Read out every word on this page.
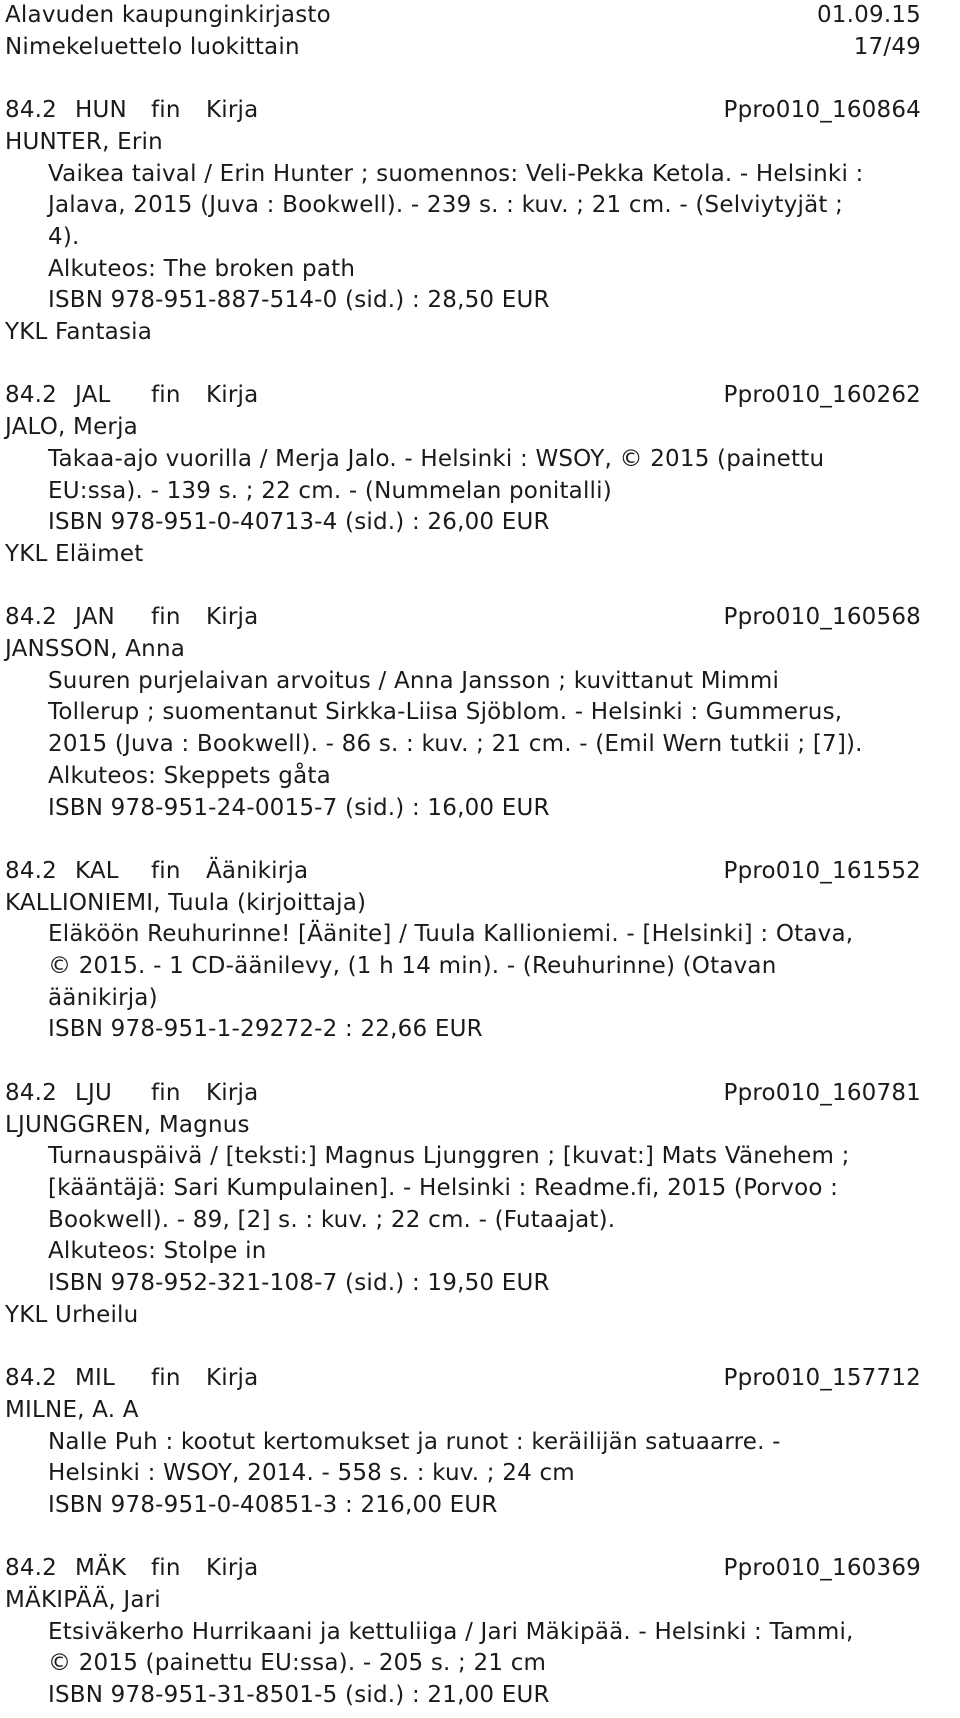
Alavuden kaupunginkirjasto	01.09.15
Nimekeluettelo luokittain	17/49
84.2 HUN	fin	Kirja	Ppro010_160864
HUNTER, Erin
Vaikea taival / Erin Hunter ; suomennos: Veli-Pekka Ketola. - Helsinki :
Jalava, 2015 (Juva : Bookwell). - 239 s. : kuv. ; 21 cm. - (Selviytyjät ;
4).
Alkuteos: The broken path
ISBN 978-951-887-514-0 (sid.) : 28,50 EUR
YKL Fantasia
84.2 JAL	fin	Kirja	Ppro010_160262
JALO, Merja
Takaa-ajo vuorilla / Merja Jalo. - Helsinki : WSOY, © 2015 (painettu
EU:ssa). - 139 s. ; 22 cm. - (Nummelan ponitalli)
ISBN 978-951-0-40713-4 (sid.) : 26,00 EUR
YKL Eläimet
84.2 JAN	fin	Kirja	Ppro010_160568
JANSSON, Anna
Suuren purjelaivan arvoitus / Anna Jansson ; kuvittanut Mimmi
Tollerup ; suomentanut Sirkka-Liisa Sjöblom. - Helsinki : Gummerus,
2015 (Juva : Bookwell). - 86 s. : kuv. ; 21 cm. - (Emil Wern tutkii ; [7]).
Alkuteos: Skeppets gåta
ISBN 978-951-24-0015-7 (sid.) : 16,00 EUR
84.2 KAL	fin	Äänikirja	Ppro010_161552
KALLIONIEMI, Tuula (kirjoittaja)
Eläköön Reuhurinne! [Äänite] / Tuula Kallioniemi. - [Helsinki] : Otava,
© 2015. - 1 CD-äänilevy, (1 h 14 min). - (Reuhurinne) (Otavan
äänikirja)
ISBN 978-951-1-29272-2 : 22,66 EUR
84.2 LJU	fin	Kirja	Ppro010_160781
LJUNGGREN, Magnus
Turnauspäivä / [teksti:] Magnus Ljunggren ; [kuvat:] Mats Vänehem ;
[kääntäjä: Sari Kumpulainen]. - Helsinki : Readme.fi, 2015 (Porvoo :
Bookwell). - 89, [2] s. : kuv. ; 22 cm. - (Futaajat).
Alkuteos: Stolpe in
ISBN 978-952-321-108-7 (sid.) : 19,50 EUR
YKL Urheilu
84.2 MIL	fin	Kirja	Ppro010_157712
MILNE, A. A
Nalle Puh : kootut kertomukset ja runot : keräilijän satuaarre. -
Helsinki : WSOY, 2014. - 558 s. : kuv. ; 24 cm
ISBN 978-951-0-40851-3 : 216,00 EUR
84.2 MÄK	fin	Kirja	Ppro010_160369
MÄKIPÄÄ, Jari
Etsiväkerho Hurrikaani ja kettuliiga / Jari Mäkipää. - Helsinki : Tammi,
© 2015 (painettu EU:ssa). - 205 s. ; 21 cm
ISBN 978-951-31-8501-5 (sid.) : 21,00 EUR
